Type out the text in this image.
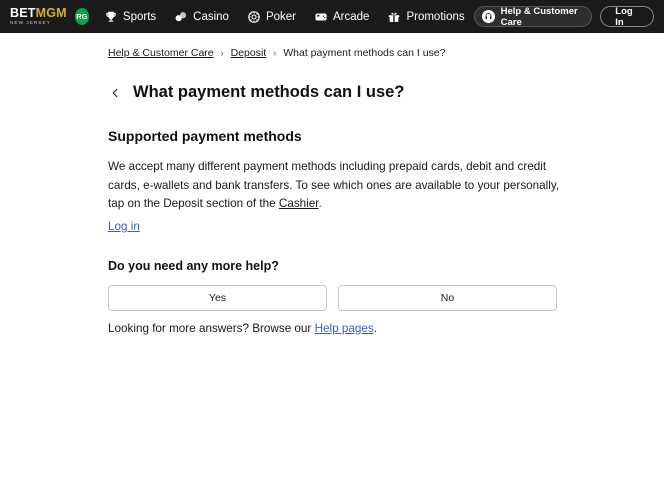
BETMGM
NEW JERSEY
RG	Sports	Casino	Poker	Arcade	Promotions	Help & Customer Care
Log In
Help & Customer Care › Deposit › What payment methods can I use?
What payment methods can I use?
Supported payment methods

We accept many different payment methods including prepaid cards, debit and credit cards, e-wallets and bank transfers. To see which ones are available to your personally, tap on the Deposit section of the Cashier.

Log in
Do you need any more help?
Yes	No
Looking for more answers? Browse our Help pages.
